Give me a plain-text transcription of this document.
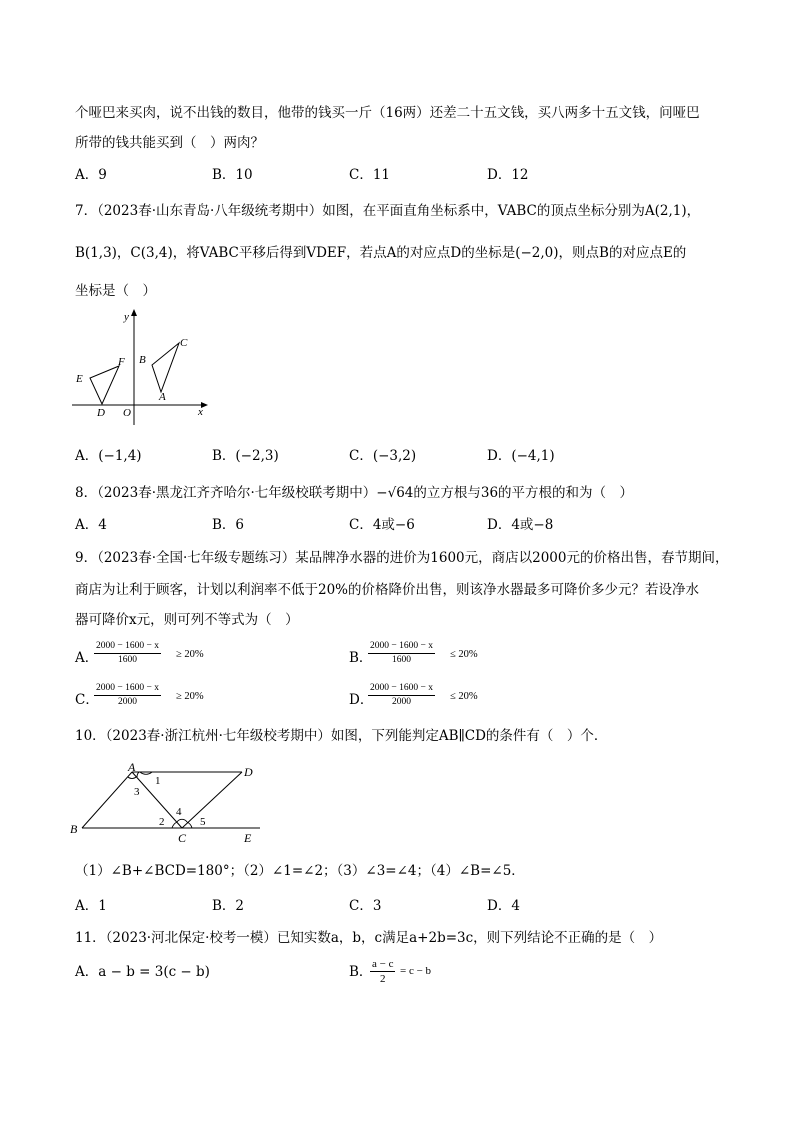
个哑巴来买肉，说不出钱的数目，他带的钱买一斤（16两）还差二十五文钱，买八两多十五文钱，问哑巴
所带的钱共能买到（　）两肉？
A．9	B．10	C．11	D．12
7．（2023春·山东青岛·八年级统考期中）如图，在平面直角坐标系中，VABC的顶点坐标分别为A(2,1)，
B(1,3)，C(3,4)，将VABC平移后得到VDEF，若点A的对应点D的坐标是(−2,0)，则点B的对应点E的
坐标是（　）
y
x
O
A
B
C
D
E
F
A．(−1,4)	B．(−2,3)	C．(−3,2)	D．(−4,1)
8．（2023春·黑龙江齐齐哈尔·七年级校联考期中）−√64的立方根与36的平方根的和为（　）
A．4	B．6	C．4或−6	D．4或−8
9．（2023春·全国·七年级专题练习）某品牌净水器的进价为1600元，商店以2000元的价格出售，春节期间，
商店为让利于顾客，计划以利润率不低于20%的价格降价出售，则该净水器最多可降价多少元？若设净水
器可降价x元，则可列不等式为（　）
A．
$\frac{2000 - 1600 - x}{1600} \ge 20\%$	B．
$\frac{2000 - 1600 - x}{1600} \le 20\%$
C．
$\frac{2000 - 1600 - x}{2000} \ge 20\%$	D．
$\frac{2000 - 1600 - x}{2000} \le 20\%$
10．（2023春·浙江杭州·七年级校考期中）如图，下列能判定AB∥CD的条件有（　）个．
A	D
B
C	E
1
3
4
2	5
（1）∠B+∠BCD=180°；（2）∠1=∠2；（3）∠3=∠4；（4）∠B=∠5．
A．1	B．2	C．3	D．4
11．（2023·河北保定·校考一模）已知实数a，b，c满足a+2b=3c，则下列结论不正确的是（　）
A．a − b = 3(c − b)	B．
$\frac{a - c}{2} = c - b$
